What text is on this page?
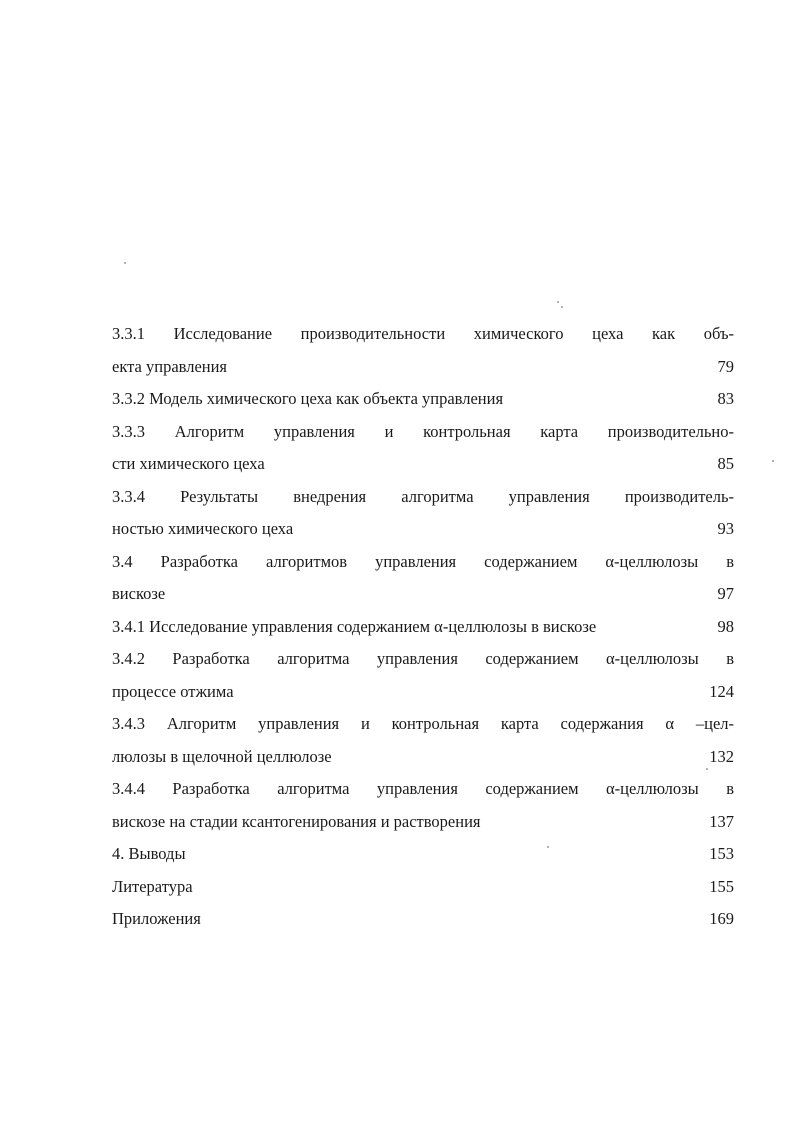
3.3.1 Исследование производительности химического цеха как объ-
екта управления	79
3.3.2 Модель химического цеха как объекта управления	83
3.3.3 Алгоритм управления и контрольная карта производительно-
сти химического цеха	85
3.3.4 Результаты внедрения алгоритма управления производитель-
ностью химического цеха	93
3.4 Разработка алгоритмов управления содержанием α-целлюлозы в
вискозе	97
3.4.1 Исследование управления содержанием α-целлюлозы в вискозе	98
3.4.2 Разработка алгоритма управления содержанием α-целлюлозы в
процессе отжима	124
3.4.3 Алгоритм управления и контрольная карта содержания α –цел-
люлозы в щелочной целлюлозе	132
3.4.4 Разработка алгоритма управления содержанием α-целлюлозы в
вискозе на стадии ксантогенирования и растворения	137
4. Выводы	153
Литература	155
Приложения	169
